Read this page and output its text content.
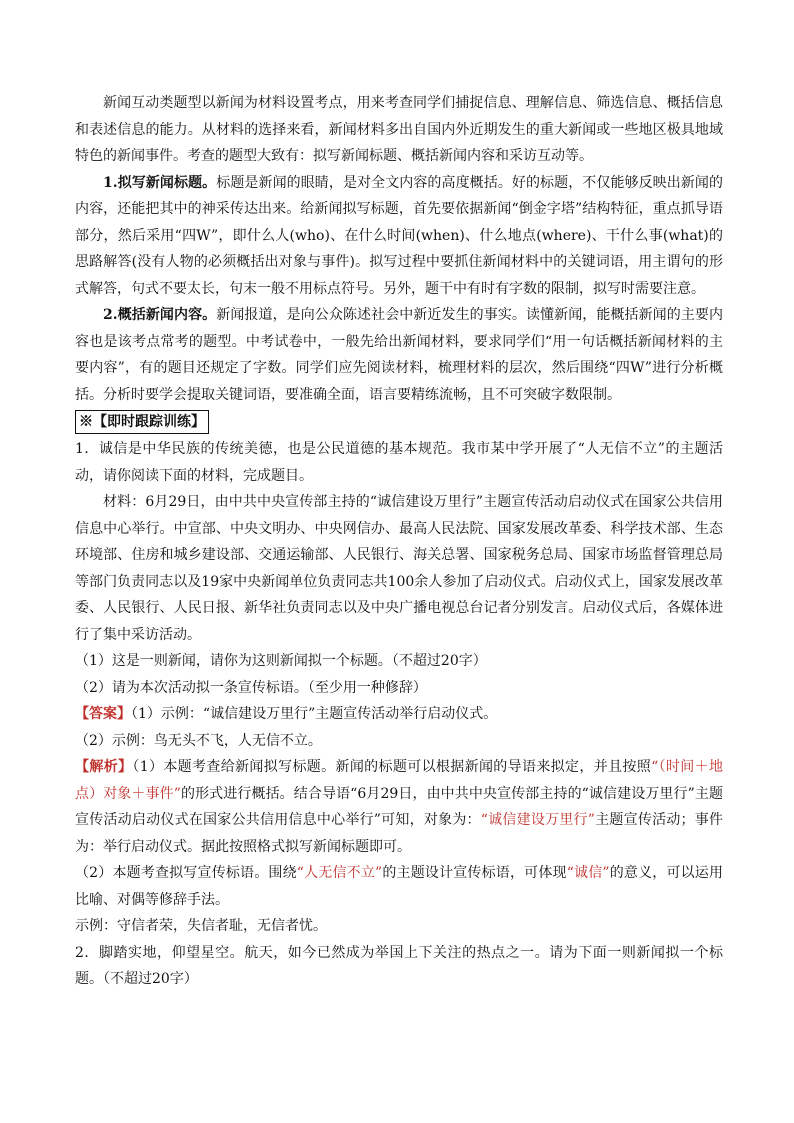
新闻互动类题型以新闻为材料设置考点，用来考查同学们捕捉信息、理解信息、筛选信息、概括信息和表述信息的能力。从材料的选择来看，新闻材料多出自国内外近期发生的重大新闻或一些地区极具地域特色的新闻事件。考查的题型大致有：拟写新闻标题、概括新闻内容和采访互动等。

1.拟写新闻标题。标题是新闻的眼睛，是对全文内容的高度概括。好的标题，不仅能够反映出新闻的内容，还能把其中的神采传达出来。给新闻拟写标题，首先要依据新闻“倒金字塔”结构特征，重点抓导语部分，然后采用“四W”，即什么人(who)、在什么时间(when)、什么地点(where)、干什么事(what)的思路解答(没有人物的必须概括出对象与事件)。拟写过程中要抓住新闻材料中的关键词语，用主谓句的形式解答，句式不要太长，句末一般不用标点符号。另外，题干中有时有字数的限制，拟写时需要注意。

2.概括新闻内容。新闻报道，是向公众陈述社会中新近发生的事实。读懂新闻，能概括新闻的主要内容也是该考点常考的题型。中考试卷中，一般先给出新闻材料，要求同学们“用一句话概括新闻材料的主要内容”，有的题目还规定了字数。同学们应先阅读材料，梳理材料的层次，然后围绕“四W”进行分析概括。分析时要学会提取关键词语，要准确全面，语言要精练流畅，且不可突破字数限制。

※【即时跟踪训练】

1．诚信是中华民族的传统美德，也是公民道德的基本规范。我市某中学开展了“人无信不立”的主题活动，请你阅读下面的材料，完成题目。

材料：6月29日，由中共中央宣传部主持的“诚信建设万里行”主题宣传活动启动仪式在国家公共信用信息中心举行。中宣部、中央文明办、中央网信办、最高人民法院、国家发展改革委、科学技术部、生态环境部、住房和城乡建设部、交通运输部、人民银行、海关总署、国家税务总局、国家市场监督管理总局等部门负责同志以及19家中央新闻单位负责同志共100余人参加了启动仪式。启动仪式上，国家发展改革委、人民银行、人民日报、新华社负责同志以及中央广播电视总台记者分别发言。启动仪式后，各媒体进行了集中采访活动。

（1）这是一则新闻，请你为这则新闻拟一个标题。（不超过20字）

（2）请为本次活动拟一条宣传标语。（至少用一种修辞）

【答案】（1）示例：“诚信建设万里行”主题宣传活动举行启动仪式。

（2）示例：鸟无头不飞，人无信不立。

【解析】（1）本题考查给新闻拟写标题。新闻的标题可以根据新闻的导语来拟定，并且按照“（时间＋地点）对象＋事件”的形式进行概括。结合导语“6月29日，由中共中央宣传部主持的“诚信建设万里行”主题宣传活动启动仪式在国家公共信用信息中心举行”可知，对象为：“诚信建设万里行”主题宣传活动；事件为：举行启动仪式。据此按照格式拟写新闻标题即可。

（2）本题考查拟写宣传标语。围绕“人无信不立”的主题设计宣传标语，可体现“诚信”的意义，可以运用比喻、对偶等修辞手法。

示例：守信者荣，失信者耻，无信者忧。

2．脚踏实地，仰望星空。航天，如今已然成为举国上下关注的热点之一。请为下面一则新闻拟一个标题。（不超过20字）
